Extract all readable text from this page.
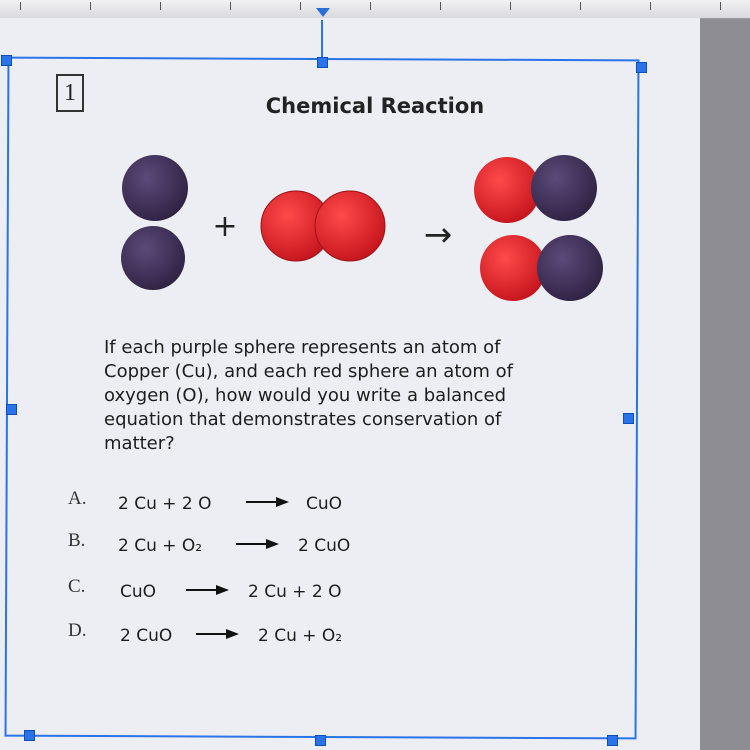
1
Chemical Reaction
+	→
If each purple sphere represents an atom of
Copper (Cu), and each red sphere an atom of
oxygen (O), how would you write a balanced
equation that demonstrates conservation of
matter?
A. 2 Cu + 2 O → CuO
B. 2 Cu + O₂ → 2 CuO
C. CuO → 2 Cu + 2 O
D. 2 CuO → 2 Cu + O₂
